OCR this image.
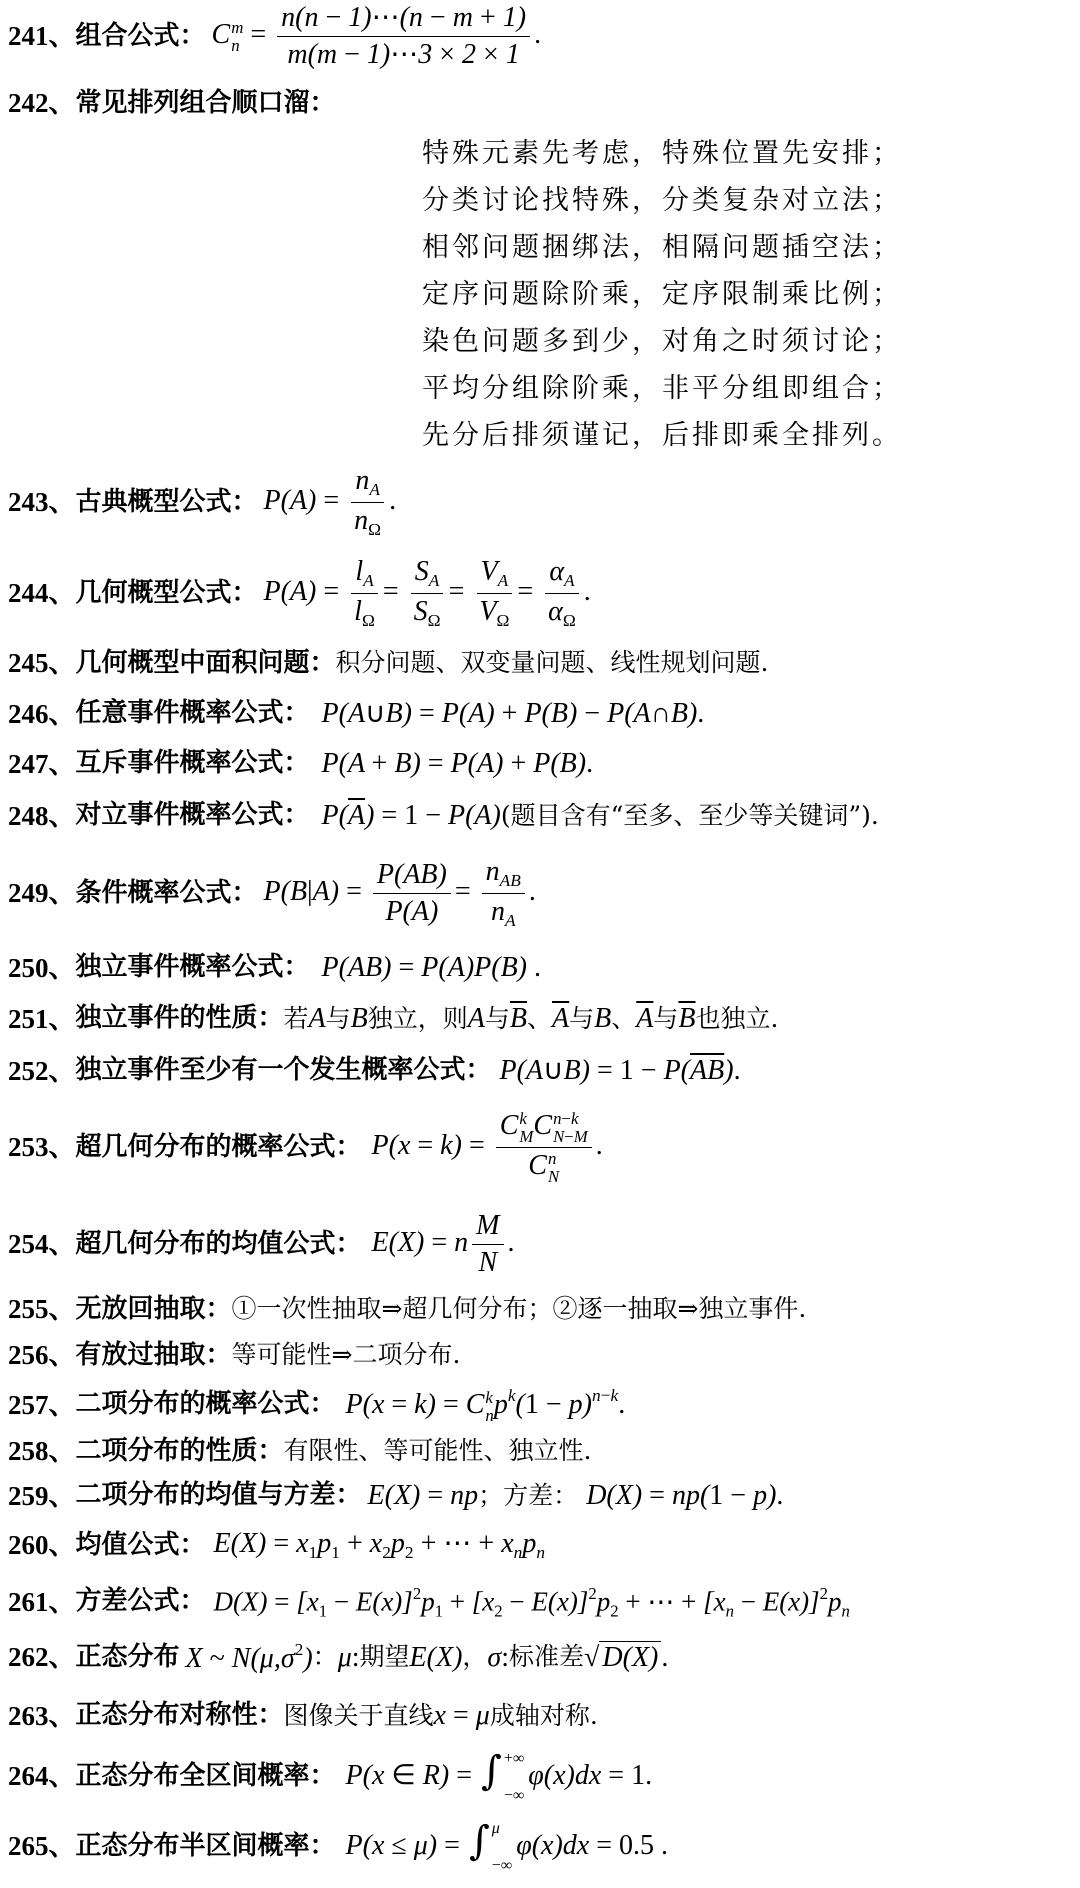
241、 组合公式： C m
$n = \frac{n(n - 1)\cdots(n - m + 1)}{m(m - 1)\cdots 3 \times 2 \times 1}$ .
242、 常见排列组合顺口溜：
特殊元素先考虑，特殊位置先安排；
分类讨论找特殊，分类复杂对立法；
相邻问题捆绑法，相隔问题插空法；
定序问题除阶乘，定序限制乘比例；
染色问题多到少，对角之时须讨论；
平均分组除阶乘，非平分组即组合；
先分后排须谨记，后排即乘全排列。
243、 古典概型公式： $P(A) = \frac{n_A}{n_\Omega}$ .
244、 几何概型公式： $P(A) = \frac{l_A}{l_\Omega} = \frac{S_A}{S_\Omega} = \frac{V_A}{V_\Omega} = \frac{\alpha_A}{\alpha_\Omega}$ .
245、 几何概型中面积问题： 积分问题、双变量问题、线性规划问题.
246、 任意事件概率公式： P(A∪B) = P(A) + P(B) − P(A∩B).
247、 互斥事件概率公式： P(A + B) = P(A) + P(B).
248、 对立事件概率公式： $P(\overline{A}) = 1 - P(A)$ (题目含有“至多、至少等关键词”).
249、 条件概率公式： $P(B|A) = \frac{P(AB)}{P(A)} = \frac{n_{AB}}{n_A}$ .
250、 独立事件概率公式： P(AB) = P(A)P(B) .
251、 独立事件的性质： 若 A 与 B 独立，则 A 与 $\overline{B}$ 、 $\overline{A}$ 与 B 、 $\overline{A}$ 与 $\overline{B}$ 也独立.
252、 独立事件至少有一个发生概率公式： P(A∪B) = $1 - P(\overline{A}\overline{B})$.
253、 超几何分布的概率公式： P(x = k) = C k
M C n−k
N−M
C n
N .
254、 超几何分布的均值公式： E(X) = n $\frac{M}{N}$ .
255、 无放回抽取： ①一次性抽取⇒超几何分布；②逐一抽取⇒独立事件.
256、 有放过抽取： 等可能性⇒二项分布.
257、 二项分布的概率公式： P(x = k) = C k
n $p^k(1 - p)^{n-k}$.
258、 二项分布的性质： 有限性、等可能性、独立性.
259、 二项分布的均值与方差： E(X) = np ；方差： D(X) = np(1 − p).
260、 均值公式： $E(X) = x_1p_1 + x_2p_2$ + ⋯ + $x_np_n$
261、 方差公式： $D(X) = [x_1 - E(x)]^2p_1 + [x_2 - E(x)]^2p_2$ + ⋯ + $[x_n - E(x)]^2p_n$
262、 正态分布 X ~ $N(\mu,\sigma^2)$ ： μ : 期望 E(X) ， σ : 标准差 √ D(X) .
263、 正态分布对称性： 图像关于直线 x = μ 成轴对称.
264、 正态分布全区间概率： P(x ∈ R) = ∫ +∞
−∞
φ(x)dx = 1.
265、 正态分布半区间概率： P(x ≤ μ) = ∫ μ
−∞
φ(x)dx = 0.5 .
